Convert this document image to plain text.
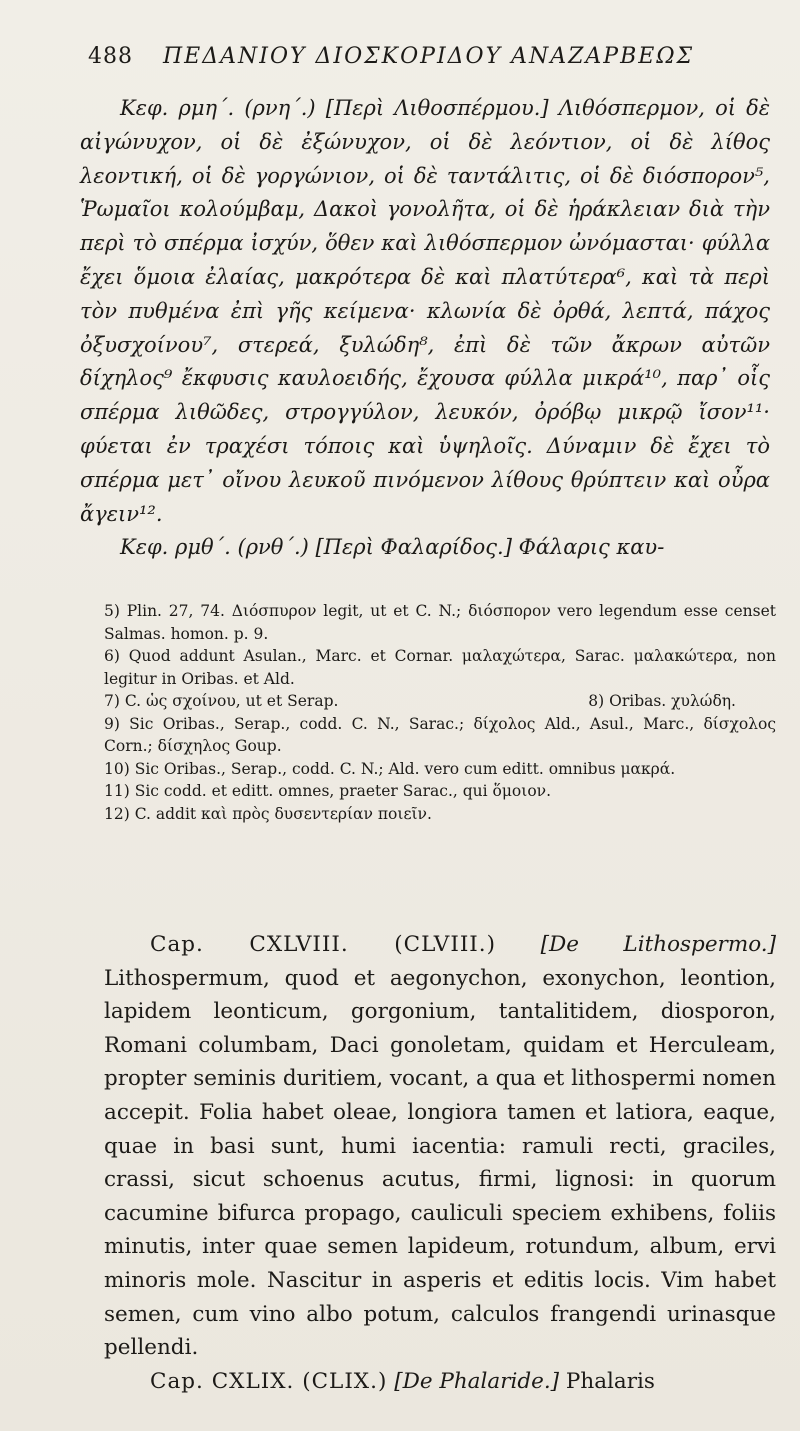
488 ΠΕΔΑΝΙΟΥ ΔΙΟΣΚΟΡΙΔΟΥ ΑΝΑΖΑΡΒΕΩΣ

Κεφ. ρμη΄. (ρνη΄.) [Περὶ Λιθοσπέρμου.] Λιθόσπερμον, οἱ δὲ αἰγώνυχον, οἱ δὲ ἐξώνυχον, οἱ δὲ λεόντιον, οἱ δὲ λίθος λεοντική, οἱ δὲ γοργώνιον, οἱ δὲ ταντάλιτις, οἱ δὲ διόσπορον⁵, Ῥωμαῖοι κολούμβαμ, Δακοὶ γονολῆτα, οἱ δὲ ἡράκλειαν διὰ τὴν περὶ τὸ σπέρμα ἰσχύν, ὅθεν καὶ λιθόσπερμον ὠνόμασται· φύλλα ἔχει ὅμοια ἐλαίας, μακρότερα δὲ καὶ πλατύτερα⁶, καὶ τὰ περὶ τὸν πυθμένα ἐπὶ γῆς κείμενα· κλωνία δὲ ὀρθά, λεπτά, πάχος ὀξυσχοίνου⁷, στερεά, ξυλώδη⁸, ἐπὶ δὲ τῶν ἄκρων αὐτῶν δίχηλος⁹ ἔκφυσις καυλοειδής, ἔχουσα φύλλα μικρά¹⁰, παρ᾽ οἷς σπέρμα λιθῶδες, στρογγύλον, λευκόν, ὀρόβῳ μικρῷ ἴσον¹¹· φύεται ἐν τραχέσι τόποις καὶ ὑψηλοῖς. Δύναμιν δὲ ἔχει τὸ σπέρμα μετ᾽ οἴνου λευκοῦ πινόμενον λίθους θρύπτειν καὶ οὖρα ἄγειν¹².

Κεφ. ρμθ΄. (ρνθ΄.) [Περὶ Φαλαρίδος.] Φάλαρις καυ-

5) Plin. 27, 74. Διόσπυρον legit, ut et C. N.; διόσπορον vero legendum esse censet Salmas. homon. p. 9.

6) Quod addunt Asulan., Marc. et Cornar. μαλαχώτερα, Sarac. μαλακώτερα, non legitur in Oribas. et Ald.

7) C. ὡς σχοίνου, ut et Serap.	8) Oribas. χυλώδη.

9) Sic Oribas., Serap., codd. C. N., Sarac.; δίχολος Ald., Asul., Marc., δίσχολος Corn.; δίσχηλος Goup.

10) Sic Oribas., Serap., codd. C. N.; Ald. vero cum editt. omnibus μακρά.

11) Sic codd. et editt. omnes, praeter Sarac., qui ὅμοιον.

12) C. addit καὶ πρὸς δυσεντερίαν ποιεῖν.

Cap. CXLVIII. (CLVIII.) [De Lithospermo.] Lithospermum, quod et aegonychon, exonychon, leontion, lapidem leonticum, gorgonium, tantalitidem, diosporon, Romani columbam, Daci gonoletam, quidam et Herculeam, propter seminis duritiem, vocant, a qua et lithospermi nomen accepit. Folia habet oleae, longiora tamen et latiora, eaque, quae in basi sunt, humi iacentia: ramuli recti, graciles, crassi, sicut schoenus acutus, firmi, lignosi: in quorum cacumine bifurca propago, cauliculi speciem exhibens, foliis minutis, inter quae semen lapideum, rotundum, album, ervi minoris mole. Nascitur in asperis et editis locis. Vim habet semen, cum vino albo potum, calculos frangendi urinasque pellendi.

Cap. CXLIX. (CLIX.) [De Phalaride.] Phalaris
